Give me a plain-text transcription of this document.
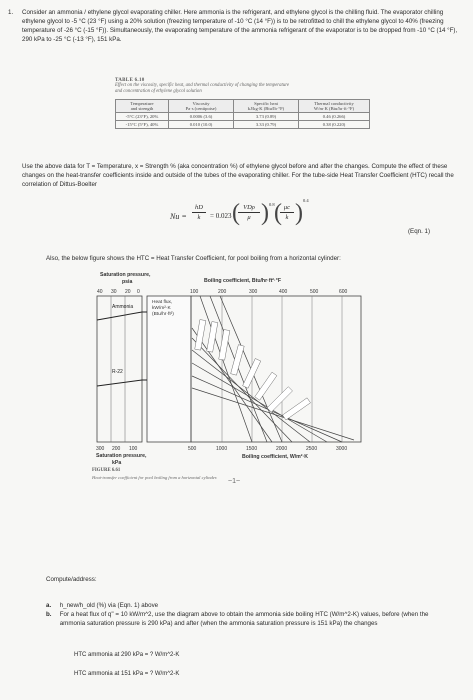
1. Consider an ammonia / ethylene glycol evaporating chiller. Here ammonia is the refrigerant, and ethylene glycol is the chilling fluid. The evaporator chilling ethylene glycol to -5 °C (23 °F) using a 20% solution (freezing temperature of -10 °C (14 °F)) is to be retrofitted to chill the ethylene glycol to 40% (freezing temperature of -26 °C (-15 °F)). Simultaneously, the evaporating temperature of the ammonia refrigerant of the evaporator is to be dropped from -10 °C (14 °F), 290 kPa to -25 °C (-13 °F), 151 kPa.
TABLE 6.10
Effect on the viscosity, specific heat, and thermal conductivity of changing the temperature
and concentration of ethylene glycol solution
Temperature
and strength	Viscosity
Pa·s (centipoise)	Specific heat
kJ/kg·K (Btu/lb·°F)	Thermal conductivity
W/m·K (Btu/hr·ft·°F)
-5°C (23°F), 20%	0.0006 (3.6)	3.73 (0.89)	0.46 (0.266)
-15°C (5°F), 40%	0.010 (10.0)	3.33 (0.79)	0.38 (0.220)
Use the above data for T = Temperature, x = Strength % (aka concentration %) of ethylene glycol before and after the changes. Compute the effect of these changes on the heat-transfer coefficients inside and outside of the tubes of the evaporating chiller. For the tube-side Heat Transfer Coefficient (HTC) recall the correlation of Dittus-Boelter
Nu =
hD
k	= 0.023 ( VDρ
μ ) 0.8 ( μc
k ) 0.4
(Eqn. 1)
Also, the below figure shows the HTC = Heat Transfer Coefficient, for pool boiling from a horizontal cylinder:
Saturation pressure,
psia
40 30 20 0
Boiling coefficient, Btu/hr·ft²·°F
100	200	300	400	500	600
Ammonia
R-22
Heat flux,
kW/m²·K
(Btu/hr·ft²)
300 200 100
Saturation pressure,
kPa
500	1000	1500	2000	2500	3000
Boiling coefficient, W/m²·K
FIGURE 6.61
Heat-transfer coefficient for pool boiling from a horizontal cylinder.
~1~
Compute/address:
a. h_new/h_old (%) via (Eqn. 1) above
b. For a heat flux of q'' = 10 kW/m^2, use the diagram above to obtain the ammonia side boiling HTC (W/m^2-K) values, before (when the ammonia saturation pressure is 290 kPa) and after (when the ammonia saturation pressure is 151 kPa) the changes
HTC ammonia at 290 kPa = ? W/m^2-K
HTC ammonia at 151 kPa = ? W/m^2-K
